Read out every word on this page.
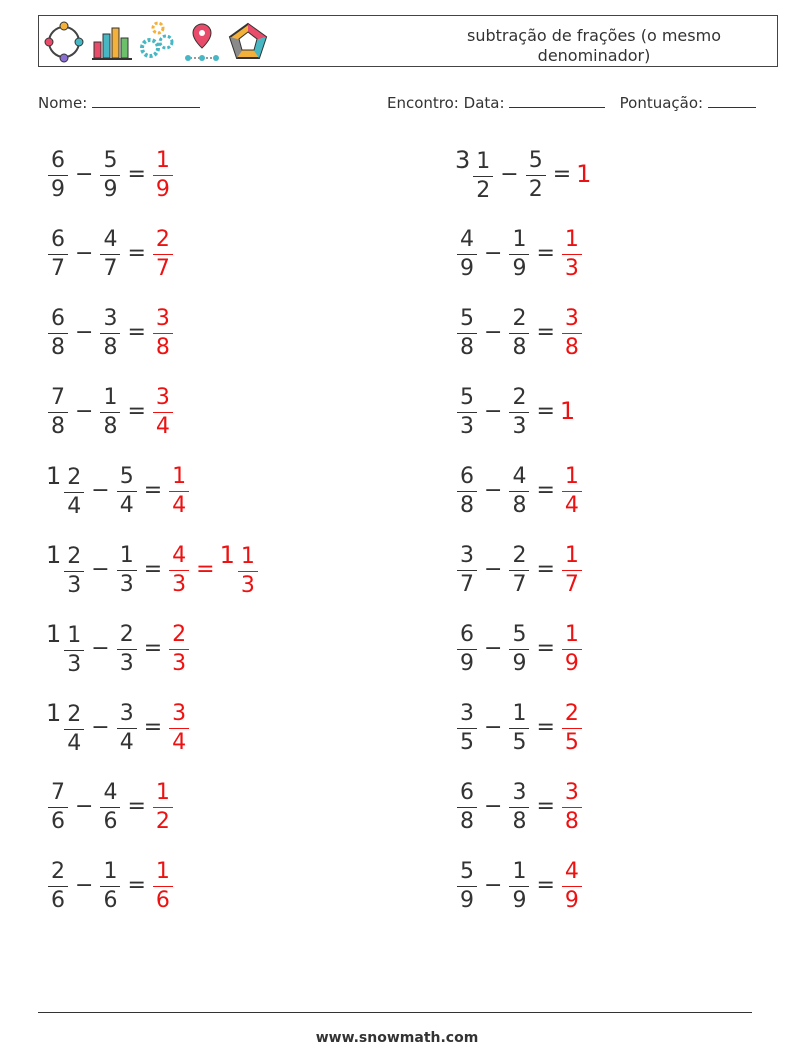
subtração de frações (o mesmo denominador)
Nome:	Encontro: Data:	Pontuação:
$\frac{6}{9} - \frac{5}{9} = \frac{1}{9}$	$3 \frac{1}{2} - \frac{5}{2} = 1$
$\frac{6}{7} - \frac{4}{7} = \frac{2}{7}$	$\frac{4}{9} - \frac{1}{9} = \frac{1}{3}$
$\frac{6}{8} - \frac{3}{8} = \frac{3}{8}$	$\frac{5}{8} - \frac{2}{8} = \frac{3}{8}$
$\frac{7}{8} - \frac{1}{8} = \frac{3}{4}$	$\frac{5}{3} - \frac{2}{3} = 1$
$1 \frac{2}{4} - \frac{5}{4} = \frac{1}{4}$	$\frac{6}{8} - \frac{4}{8} = \frac{1}{4}$
$1 \frac{2}{3} - \frac{1}{3} = \frac{4}{3} = 1 \frac{1}{3}$	$\frac{3}{7} - \frac{2}{7} = \frac{1}{7}$
$1 \frac{1}{3} - \frac{2}{3} = \frac{2}{3}$	$\frac{6}{9} - \frac{5}{9} = \frac{1}{9}$
$1 \frac{2}{4} - \frac{3}{4} = \frac{3}{4}$	$\frac{3}{5} - \frac{1}{5} = \frac{2}{5}$
$\frac{7}{6} - \frac{4}{6} = \frac{1}{2}$	$\frac{6}{8} - \frac{3}{8} = \frac{3}{8}$
$\frac{2}{6} - \frac{1}{6} = \frac{1}{6}$	$\frac{5}{9} - \frac{1}{9} = \frac{4}{9}$
www.snowmath.com
